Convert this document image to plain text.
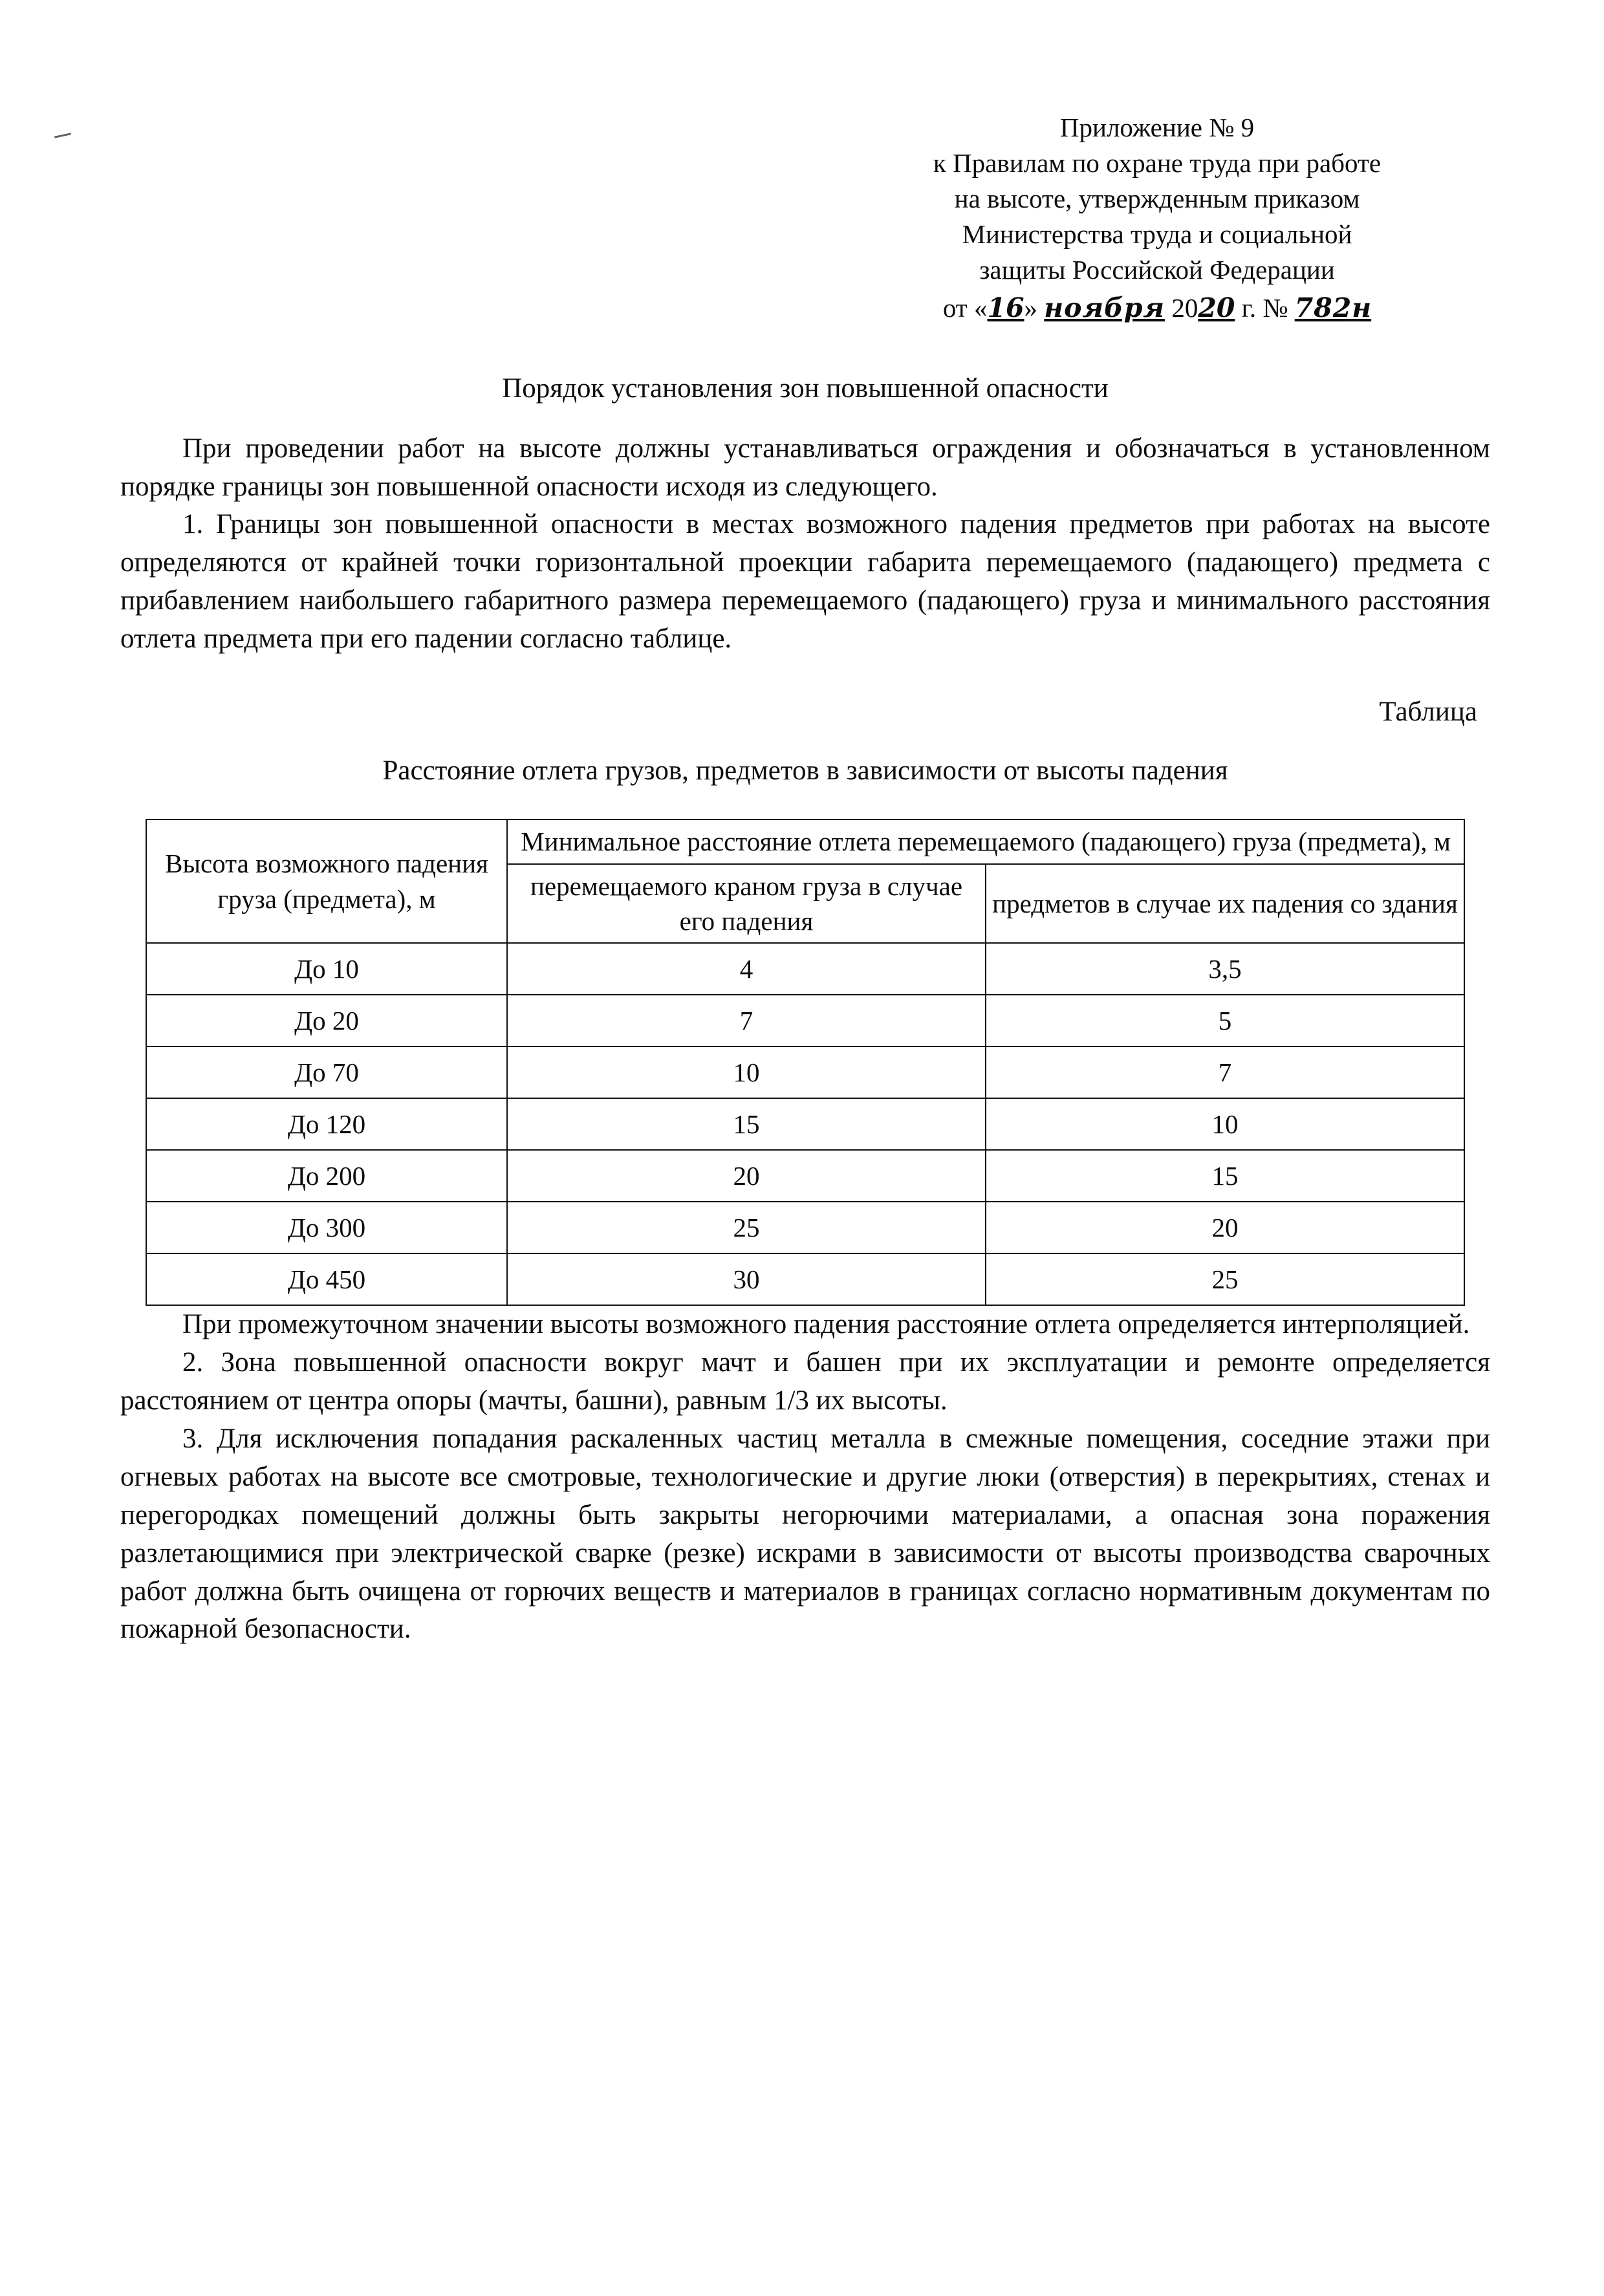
Приложение № 9
к Правилам по охране труда при работе
на высоте, утвержденным приказом
Министерства труда и социальной
защиты Российской Федерации
от «16» ноября 2020 г. № 782н
Порядок установления зон повышенной опасности

При проведении работ на высоте должны устанавливаться ограждения и обозначаться в установленном порядке границы зон повышенной опасности исходя из следующего.

1. Границы зон повышенной опасности в местах возможного падения предметов при работах на высоте определяются от крайней точки горизонтальной проекции габарита перемещаемого (падающего) предмета с прибавлением наибольшего габаритного размера перемещаемого (падающего) груза и минимального расстояния отлета предмета при его падении согласно таблице.

Таблица
Расстояние отлета грузов, предметов в зависимости от высоты падения
Высота возможного падения груза (предмета), м	Минимальное расстояние отлета перемещаемого (падающего) груза (предмета), м	
	перемещаемого краном груза в случае его падения	предметов в случае их падения со здания
До 10	4	3,5
До 20	7	5
До 70	10	7
До 120	15	10
До 200	20	15
До 300	25	20
До 450	30	25

При промежуточном значении высоты возможного падения расстояние отлета определяется интерполяцией.

2. Зона повышенной опасности вокруг мачт и башен при их эксплуатации и ремонте определяется расстоянием от центра опоры (мачты, башни), равным 1/3 их высоты.

3. Для исключения попадания раскаленных частиц металла в смежные помещения, соседние этажи при огневых работах на высоте все смотровые, технологические и другие люки (отверстия) в перекрытиях, стенах и перегородках помещений должны быть закрыты негорючими материалами, а опасная зона поражения разлетающимися при электрической сварке (резке) искрами в зависимости от высоты производства сварочных работ должна быть очищена от горючих веществ и материалов в границах согласно нормативным документам по пожарной безопасности.
